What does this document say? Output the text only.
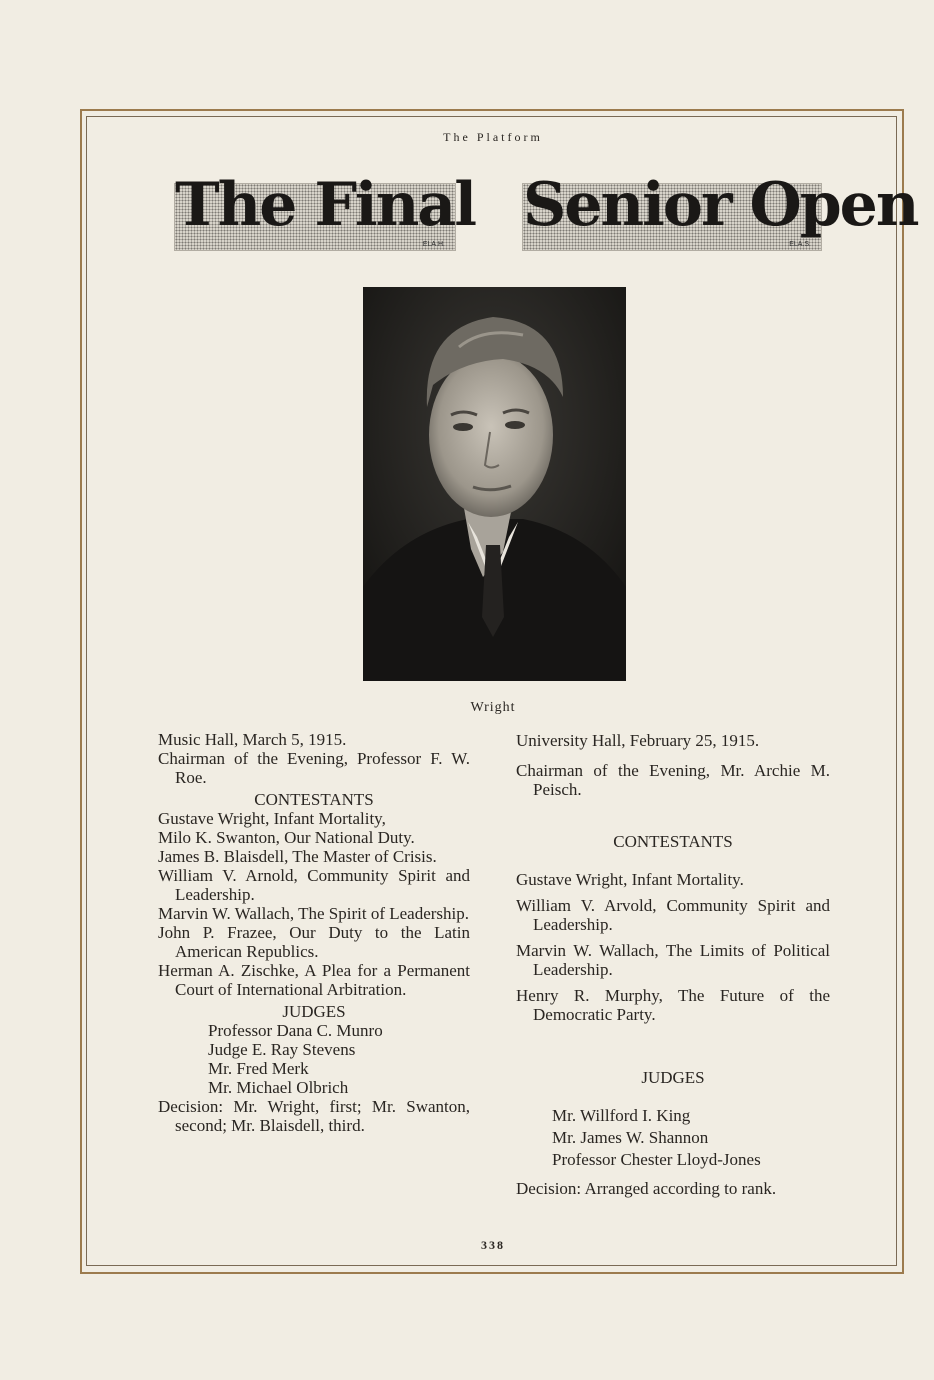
The Platform
The Final
ELA.H.
Senior Open
ELA.S.
Wright

Music Hall, March 5, 1915.

Chairman of the Evening, Professor F. W. Roe.

CONTESTANTS

Gustave Wright, Infant Mortality,

Milo K. Swanton, Our National Duty.

James B. Blaisdell, The Master of Crisis.

William V. Arnold, Community Spirit and Leadership.

Marvin W. Wallach, The Spirit of Leadership.

John P. Frazee, Our Duty to the Latin American Republics.

Herman A. Zischke, A Plea for a Permanent Court of International Arbitration.

JUDGES

Professor Dana C. Munro
Judge E. Ray Stevens
Mr. Fred Merk
Mr. Michael Olbrich

Decision: Mr. Wright, first; Mr. Swanton, second; Mr. Blaisdell, third.

University Hall, February 25, 1915.

Chairman of the Evening, Mr. Archie M. Peisch.

CONTESTANTS

Gustave Wright, Infant Mortality.

William V. Arvold, Community Spirit and Leadership.

Marvin W. Wallach, The Limits of Political Leadership.

Henry R. Murphy, The Future of the Democratic Party.

JUDGES

Mr. Willford I. King
Mr. James W. Shannon
Professor Chester Lloyd-Jones

Decision: Arranged according to rank.

338
